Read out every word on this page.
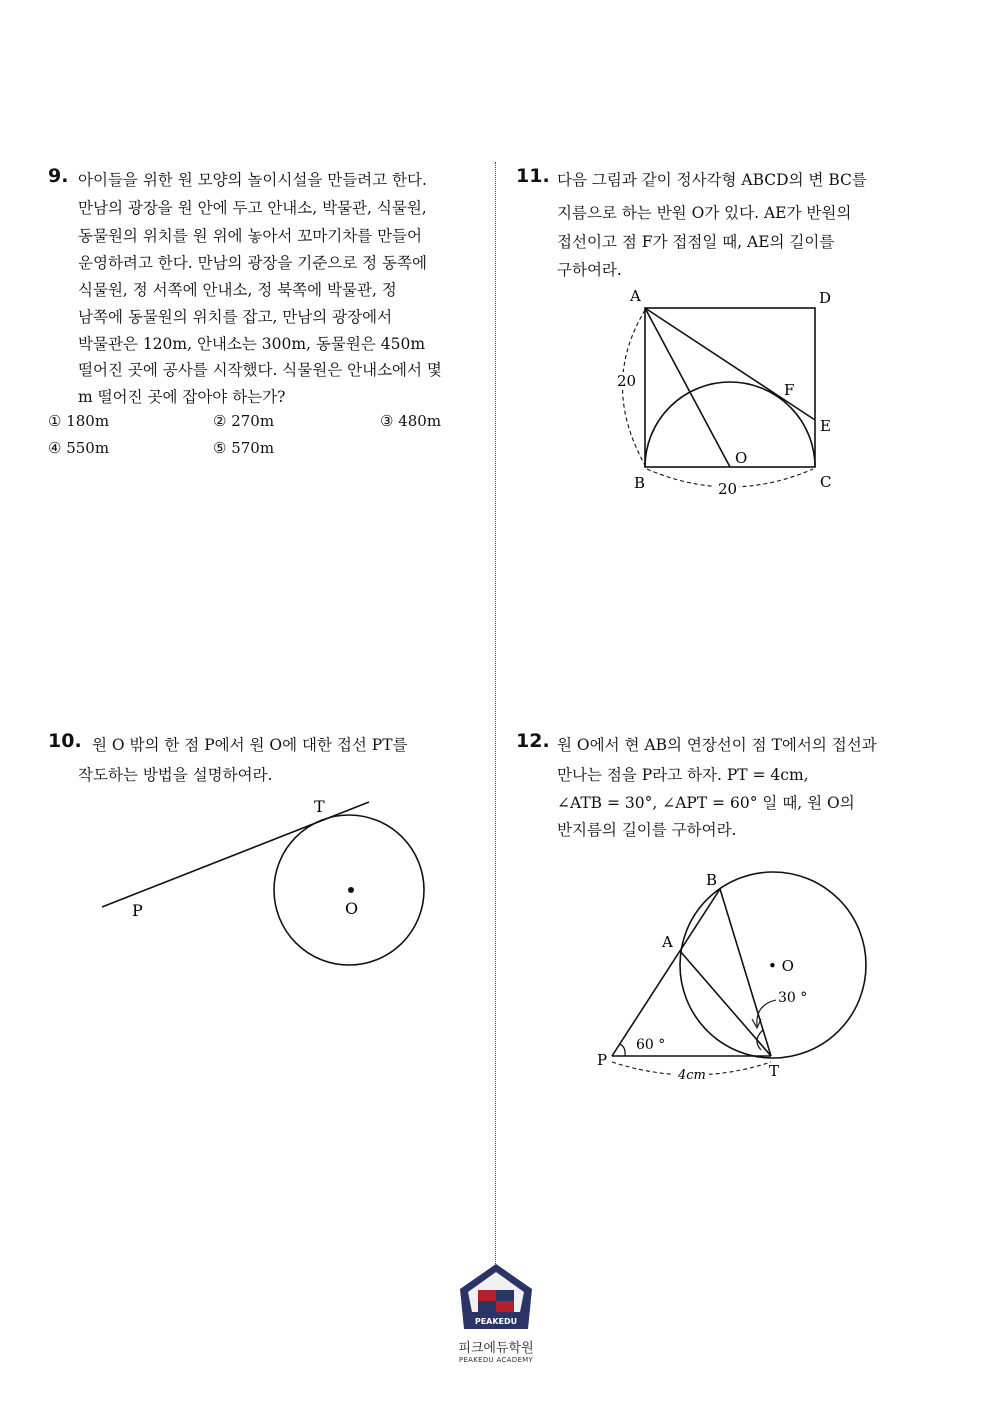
9. 아이들을 위한 원 모양의 놀이시설을 만들려고 한다.
만남의 광장을 원 안에 두고 안내소, 박물관, 식물원,
동물원의 위치를 원 위에 놓아서 꼬마기차를 만들어
운영하려고 한다. 만남의 광장을 기준으로 정 동쪽에
식물원, 정 서쪽에 안내소, 정 북쪽에 박물관, 정
남쪽에 동물원의 위치를 잡고, 만남의 광장에서
박물관은 120m, 안내소는 300m, 동물원은 450m
떨어진 곳에 공사를 시작했다. 식물원은 안내소에서 몇
m 떨어진 곳에 잡아야 하는가?
① 180m	② 270m	③ 480m
④ 550m	⑤ 570m
11. 다음 그림과 같이 정사각형 ABCD의 변 BC를
지름으로 하는 반원 O가 있다. AE가 반원의
접선이고 점 F가 접점일 때, AE의 길이를
구하여라.
A	D
F
E
O
B	C
20
20
10. 원 O 밖의 한 점 P에서 원 O에 대한 접선 PT를
작도하는 방법을 설명하여라.
T
P	O
12. 원 O에서 현 AB의 연장선이 점 T에서의 접선과
만나는 점을 P라고 하자. PT = 4cm,
∠ATB = 30°, ∠APT = 60° 일 때, 원 O의
반지름의 길이를 구하여라.
B
A
• O
30 °
60 °
P
T
4cm
PEAKEDU
피크에듀학원
PEAKEDU ACADEMY
